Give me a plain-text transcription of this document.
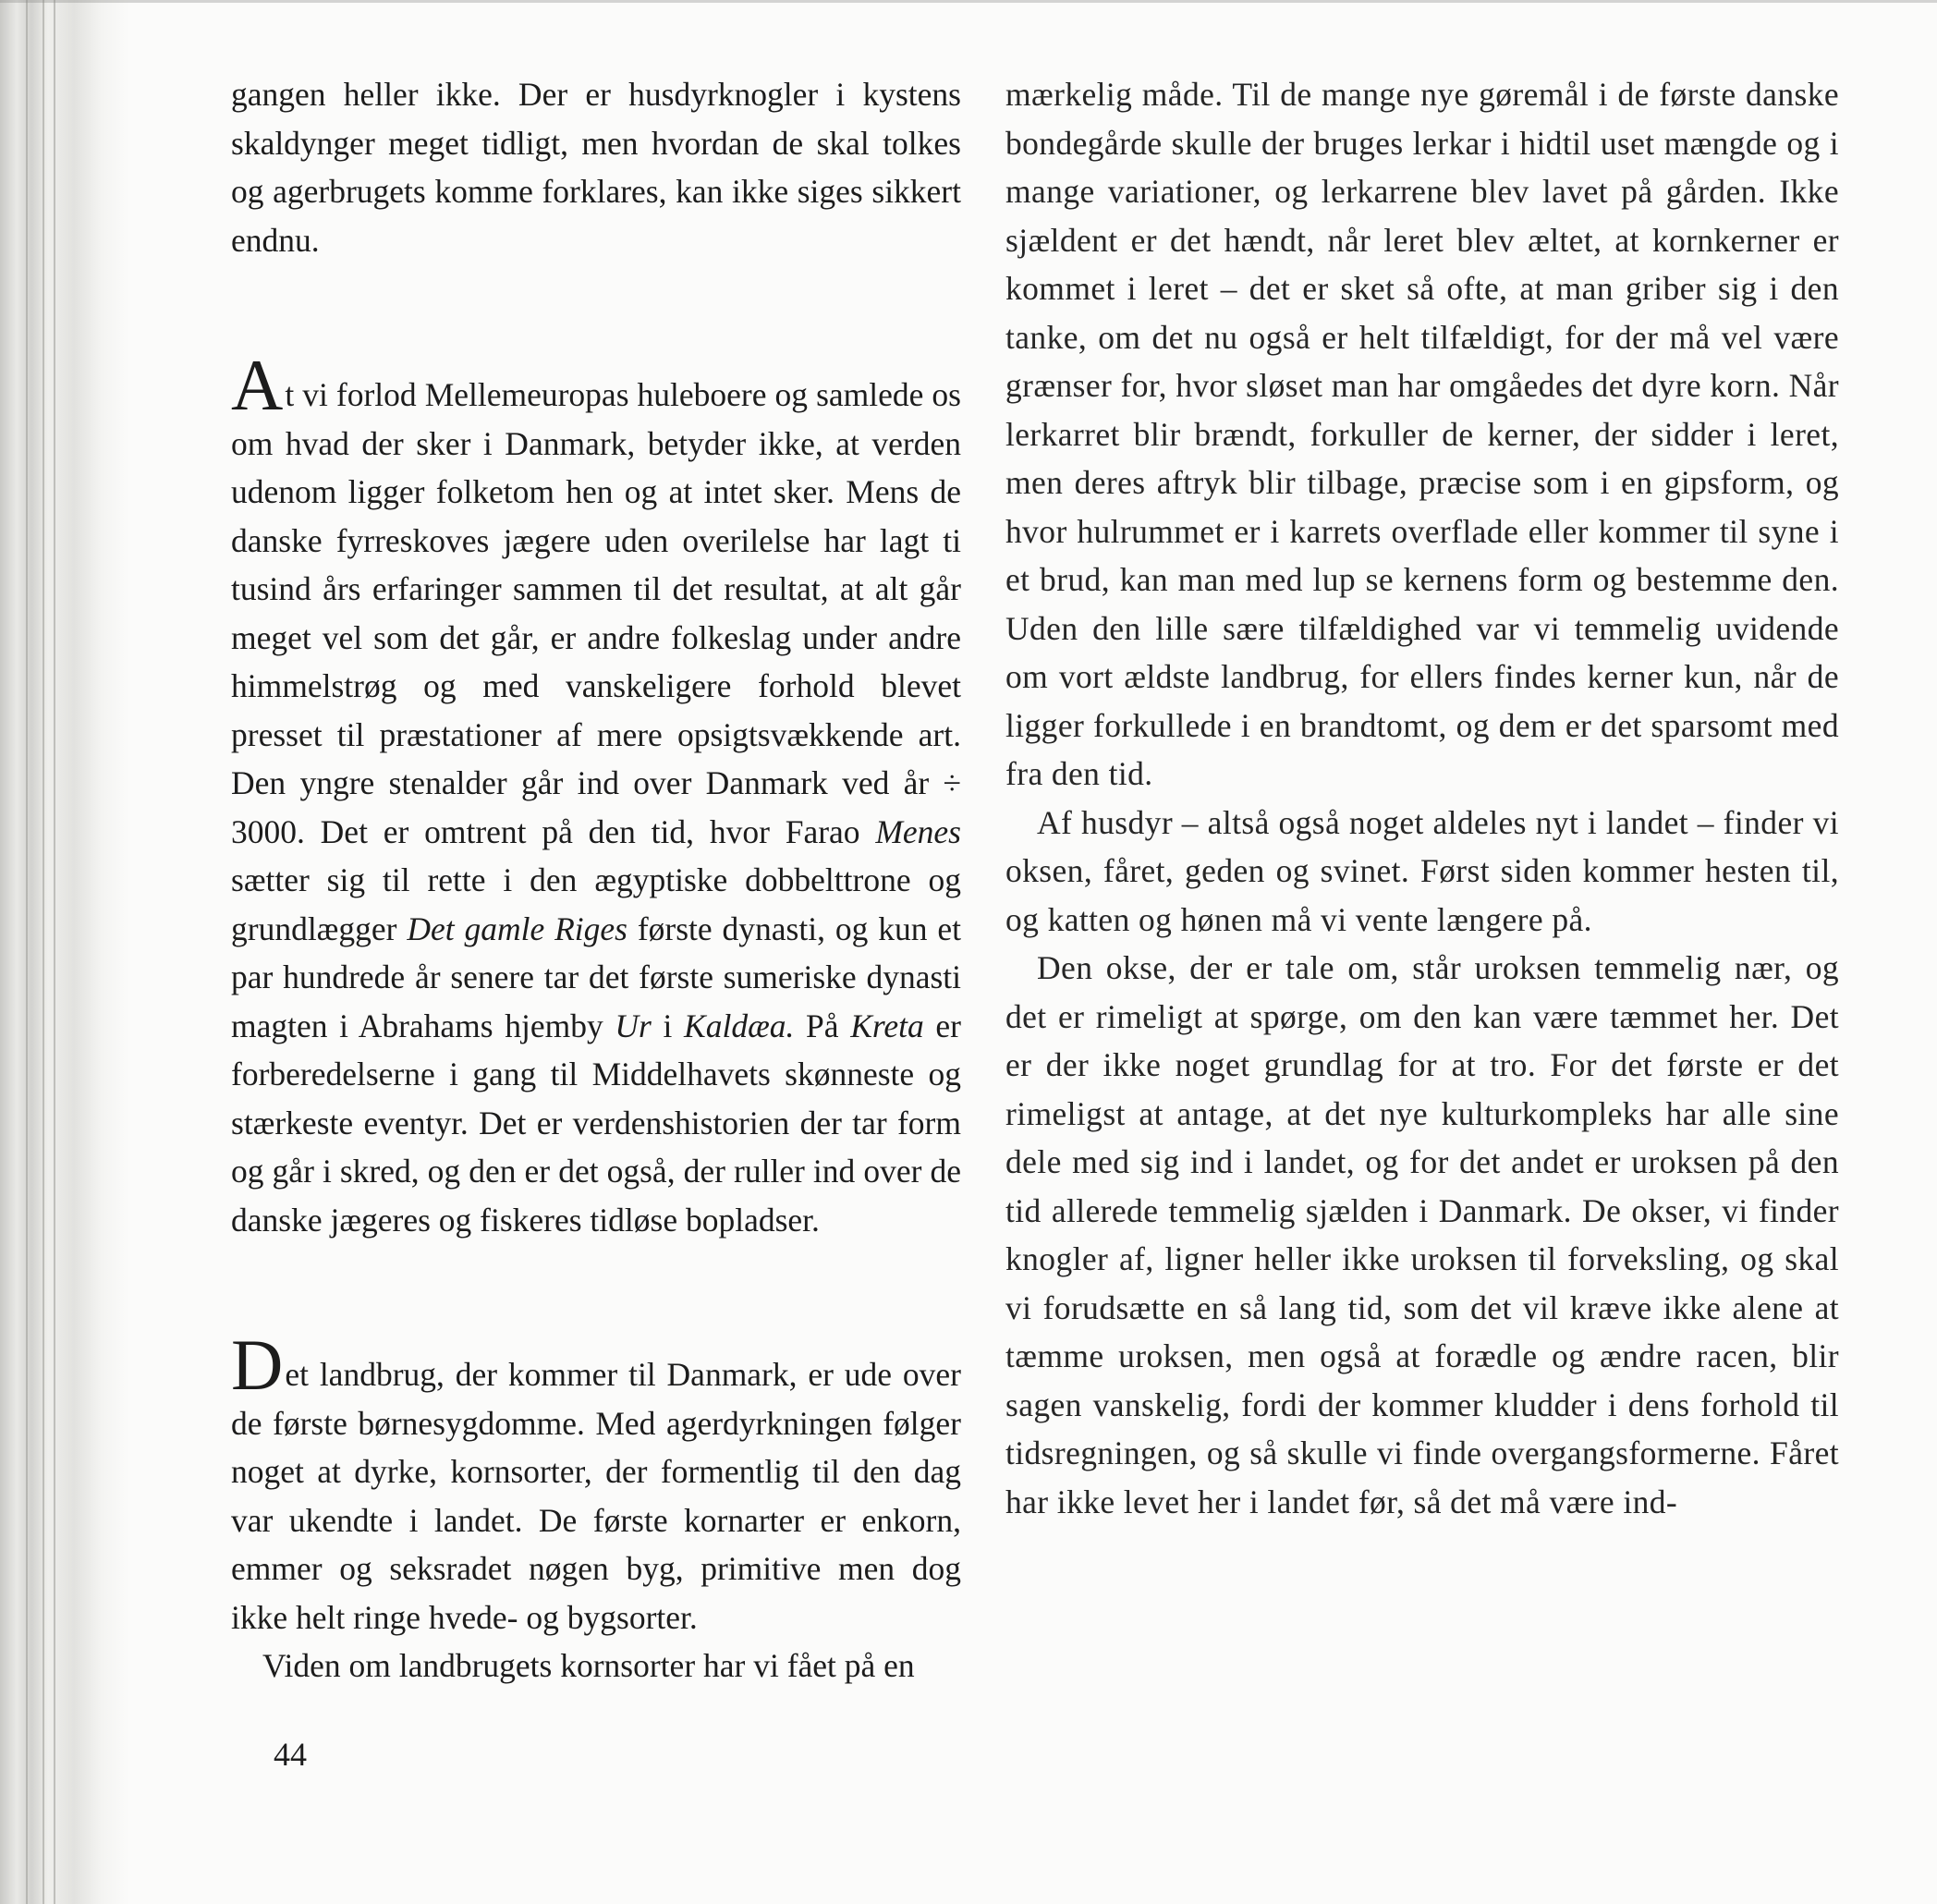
gangen heller ikke. Der er husdyrknogler i kystens skaldynger meget tidligt, men hvordan de skal tolkes og agerbrugets komme forklares, kan ikke siges sikkert endnu.

At vi forlod Mellemeuropas huleboere og samlede os om hvad der sker i Danmark, betyder ikke, at verden udenom ligger folketom hen og at intet sker. Mens de danske fyrreskoves jægere uden overilelse har lagt ti tusind års erfaringer sammen til det resultat, at alt går meget vel som det går, er andre folkeslag under andre himmelstrøg og med vanskeligere forhold blevet presset til præstationer af mere opsigtsvækkende art. Den yngre stenalder går ind over Danmark ved år ÷ 3000. Det er omtrent på den tid, hvor Farao Menes sætter sig til rette i den ægyptiske dobbelttrone og grundlægger Det gamle Riges første dynasti, og kun et par hundrede år senere tar det første sumeriske dynasti magten i Abrahams hjemby Ur i Kaldæa. På Kreta er forberedelserne i gang til Middelhavets skønneste og stærkeste eventyr. Det er verdenshistorien der tar form og går i skred, og den er det også, der ruller ind over de danske jægeres og fiskeres tidløse bopladser.

Det landbrug, der kommer til Danmark, er ude over de første børnesygdomme. Med agerdyrkningen følger noget at dyrke, kornsorter, der formentlig til den dag var ukendte i landet. De første kornarter er enkorn, emmer og seksradet nøgen byg, primitive men dog ikke helt ringe hvede- og bygsorter.

Viden om landbrugets kornsorter har vi fået på en

mærkelig måde. Til de mange nye gøremål i de første danske bondegårde skulle der bruges lerkar i hidtil uset mængde og i mange variationer, og lerkarrene blev lavet på gården. Ikke sjældent er det hændt, når leret blev æltet, at kornkerner er kommet i leret – det er sket så ofte, at man griber sig i den tanke, om det nu også er helt tilfældigt, for der må vel være grænser for, hvor sløset man har omgåedes det dyre korn. Når lerkarret blir brændt, forkuller de kerner, der sidder i leret, men deres aftryk blir tilbage, præcise som i en gipsform, og hvor hulrummet er i karrets overflade eller kommer til syne i et brud, kan man med lup se kernens form og bestemme den. Uden den lille sære tilfældighed var vi temmelig uvidende om vort ældste landbrug, for ellers findes kerner kun, når de ligger forkullede i en brandtomt, og dem er det sparsomt med fra den tid.

Af husdyr – altså også noget aldeles nyt i landet – finder vi oksen, fåret, geden og svinet. Først siden kommer hesten til, og katten og hønen må vi vente længere på.

Den okse, der er tale om, står uroksen temmelig nær, og det er rimeligt at spørge, om den kan være tæmmet her. Det er der ikke noget grundlag for at tro. For det første er det rimeligst at antage, at det nye kulturkompleks har alle sine dele med sig ind i landet, og for det andet er uroksen på den tid allerede temmelig sjælden i Danmark. De okser, vi finder knogler af, ligner heller ikke uroksen til forveksling, og skal vi forudsætte en så lang tid, som det vil kræve ikke alene at tæmme uroksen, men også at forædle og ændre racen, blir sagen vanskelig, fordi der kommer kludder i dens forhold til tidsregningen, og så skulle vi finde overgangsformerne. Fåret har ikke levet her i landet før, så det må være ind-

44
